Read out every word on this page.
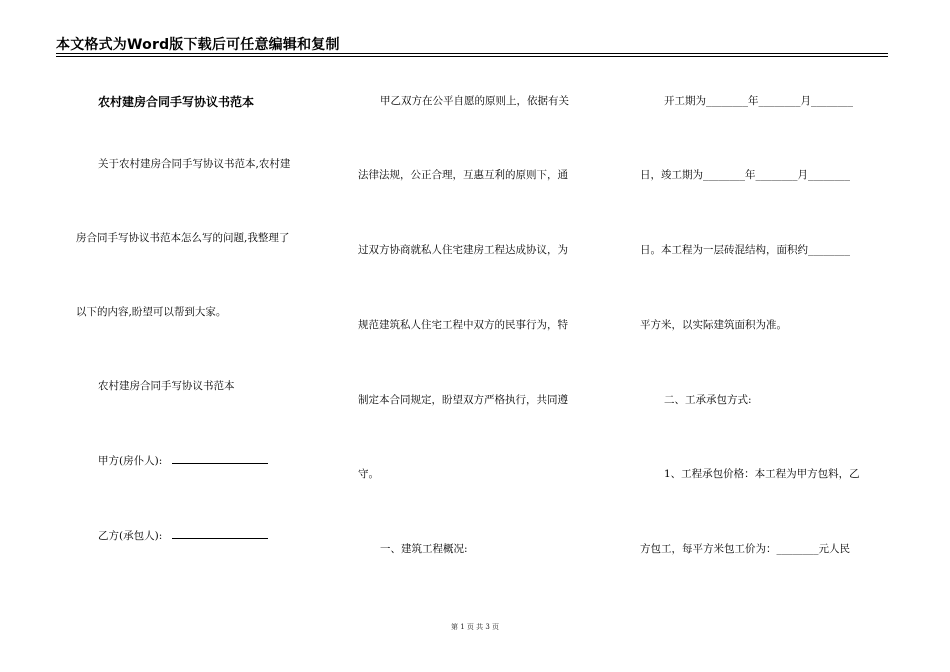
本文格式为Word版下载后可任意编辑和复制
农村建房合同手写协议书范本

关于农村建房合同手写协议书范本,农村建

房合同手写协议书范本怎么写的问题,我整理了

以下的内容,盼望可以帮到大家。

农村建房合同手写协议书范本

甲方(房仆人):

乙方(承包人):

甲乙双方在公平自愿的原则上，依据有关

法律法规，公正合理，互惠互利的原则下，通

过双方协商就私人住宅建房工程达成协议，为

规范建筑私人住宅工程中双方的民事行为，特

制定本合同规定，盼望双方严格执行，共同遵

守。

一、建筑工程概况:

开工期为________年________月________

日，竣工期为________年________月________

日。本工程为一层砖混结构，面积约________

平方米，以实际建筑面积为准。

二、工承承包方式:

1、工程承包价格：本工程为甲方包料，乙

方包工，每平方米包工价为：________元人民

第 1 页 共 3 页
